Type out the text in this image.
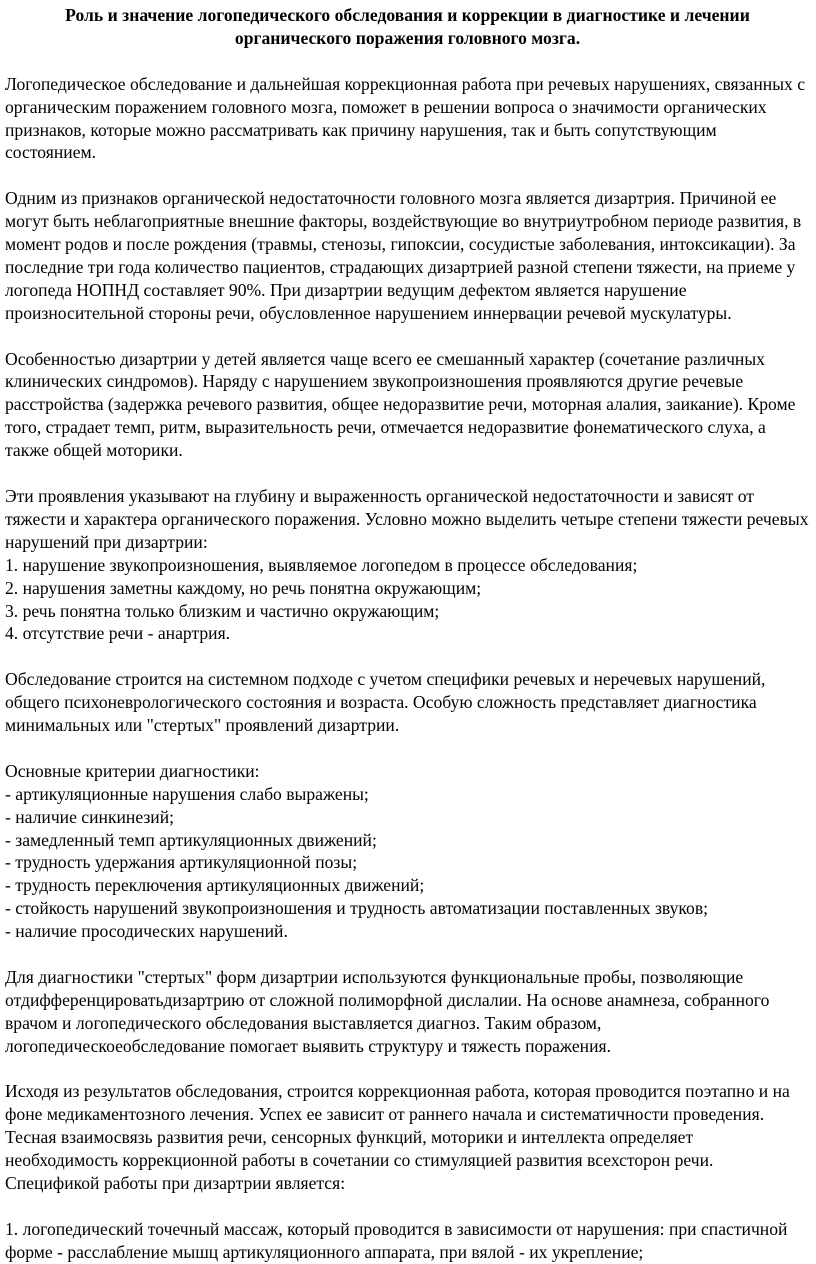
Роль и значение логопедического обследования и коррекции в диагностике и лечении органического поражения головного мозга.

Логопедическое обследование и дальнейшая коррекционная работа при речевых нарушениях, связанных с органическим поражением головного мозга, поможет в решении вопроса о значимости органических признаков, которые можно рассматривать как причину нарушения, так и быть сопутствующим состоянием.

Одним из признаков органической недостаточности головного мозга является дизартрия. Причиной ее могут быть неблагоприятные внешние факторы, воздействующие во внутриутробном периоде развития, в момент родов и после рождения (травмы, стенозы, гипоксии, сосудистые заболевания, интоксикации). За последние три года количество пациентов, страдающих дизартрией разной степени тяжести, на приеме у логопеда НОПНД составляет 90%. При дизартрии ведущим дефектом является нарушение произносительной стороны речи, обусловленное нарушением иннервации речевой мускулатуры.

Особенностью дизартрии у детей является чаще всего ее смешанный характер (сочетание различных клинических синдромов). Наряду с нарушением звукопроизношения проявляются другие речевые расстройства (задержка речевого развития, общее недоразвитие речи, моторная алалия, заикание). Кроме того, страдает темп, ритм, выразительность речи, отмечается недоразвитие фонематического слуха, а также общей моторики.

Эти проявления указывают на глубину и выраженность органической недостаточности и зависят от тяжести и характера органического поражения. Условно можно выделить четыре степени тяжести речевых нарушений при дизартрии:

1. нарушение звукопроизношения, выявляемое логопедом в процессе обследования;
2. нарушения заметны каждому, но речь понятна окружающим;
3. речь понятна только близким и частично окружающим;
4. отсутствие речи - анартрия.

Обследование строится на системном подходе с учетом специфики речевых и неречевых нарушений, общего психоневрологического состояния и возраста. Особую сложность представляет диагностика минимальных или "стертых" проявлений дизартрии.

Основные критерии диагностики:
- артикуляционные нарушения слабо выражены;
- наличие синкинезий;
- замедленный темп артикуляционных движений;
- трудность удержания артикуляционной позы;
- трудность переключения артикуляционных движений;
- стойкость нарушений звукопроизношения и трудность автоматизации поставленных звуков;
- наличие просодических нарушений.

Для диагностики "стертых" форм дизартрии используются функциональные пробы, позволяющие отдифференцироватьдизартрию от сложной полиморфной дислалии. На основе анамнеза, собранного врачом и логопедического обследования выставляется диагноз. Таким образом, логопедическоеобследование помогает выявить структуру и тяжесть поражения.

Исходя из результатов обследования, строится коррекционная работа, которая проводится поэтапно и на фоне медикаментозного лечения. Успех ее зависит от раннего начала и систематичности проведения. Тесная взаимосвязь развития речи, сенсорных функций, моторики и интеллекта определяет необходимость коррекционной работы в сочетании со стимуляцией развития всехсторон речи. Спецификой работы при дизартрии является:

1. логопедический точечный массаж, который проводится в зависимости от нарушения: при спастичной форме - расслабление мышц артикуляционного аппарата, при вялой - их укрепление;
